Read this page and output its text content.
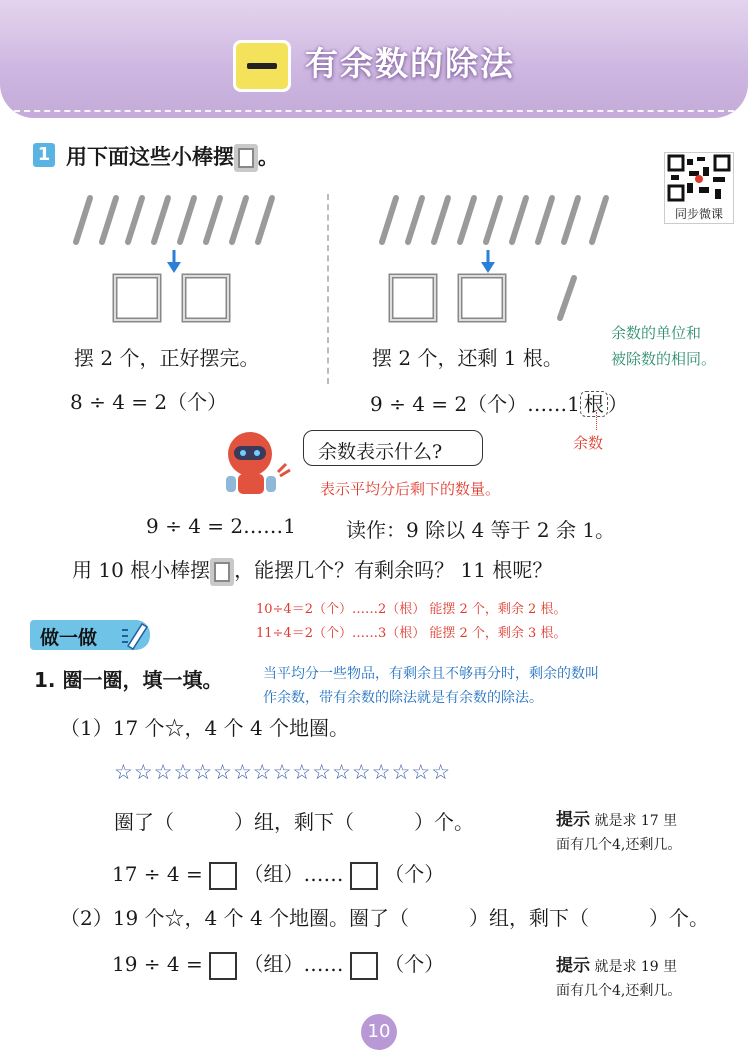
有余数的除法
1 用下面这些小棒摆 。
同步微课
摆 2 个，正好摆完。
8 ÷ 4 = 2（个）
摆 2 个，还剩 1 根。
9 ÷ 4 = 2（个）……1 根 ）
余数的单位和
被除数的相同。
余数
余数表示什么?
表示平均分后剩下的数量。
9 ÷ 4 = 2……1	读作：9 除以 4 等于 2 余 1。
用 10 根小棒摆 ，能摆几个？有剩余吗？ 11 根呢？
10÷4＝2（个）……2（根） 能摆 2 个，剩余 2 根。
11÷4＝2（个）……3（根） 能摆 2 个，剩余 3 根。
做一做
1. 圈一圈，填一填。	当平均分一些物品，有剩余且不够再分时，剩余的数叫
作余数，带有余数的除法就是有余数的除法。
（1）17 个☆，4 个 4 个地圈。
☆☆☆☆☆☆☆☆☆☆☆☆☆☆☆☆☆
圈了（　　　）组，剩下（　　　）个。
17 ÷ 4 = （组）…… （个）
提示 就是求 17 里
面有几个4,还剩几。
（2）19 个☆，4 个 4 个地圈。圈了（　　　）组，剩下（　　　）个。
19 ÷ 4 = （组）…… （个）	提示 就是求 19 里
面有几个4,还剩几。
10
